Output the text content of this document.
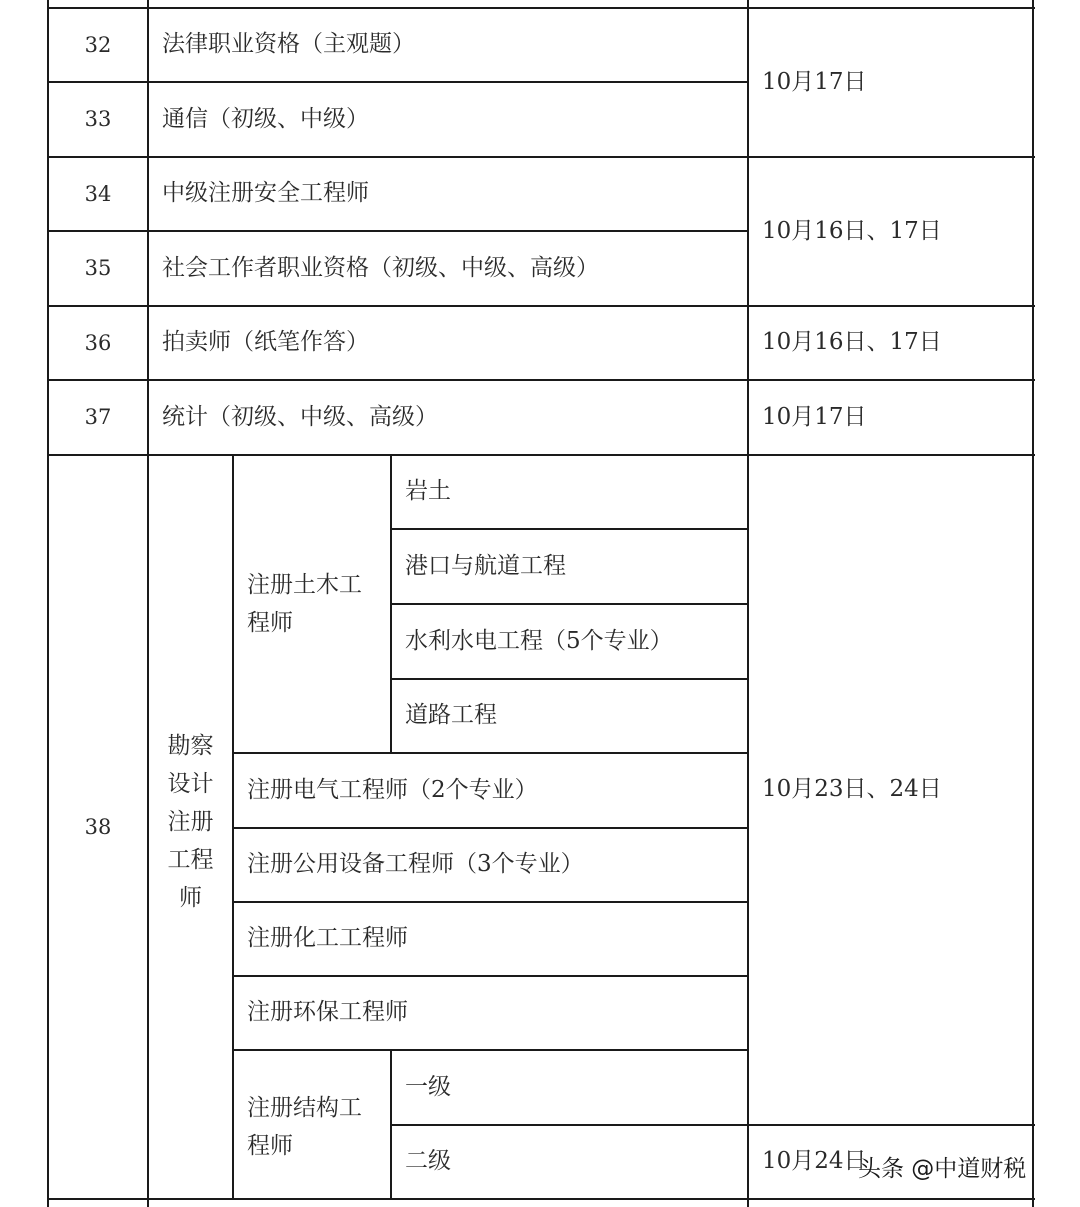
32
33
34
35
36
37
法律职业资格（主观题）
通信（初级、中级）
中级注册安全工程师
社会工作者职业资格（初级、中级、高级）
拍卖师（纸笔作答）
统计（初级、中级、高级）
10月17日
10月16日、17日
10月16日、17日
10月17日
38
勘察设计注册工程师
注册土木工程师
岩土
港口与航道工程
水利水电工程（5个专业）
道路工程
注册电气工程师（2个专业）
注册公用设备工程师（3个专业）
注册化工工程师
注册环保工程师
注册结构工程师
一级
二级
10月23日、24日
10月24日
头条 @中道财税
